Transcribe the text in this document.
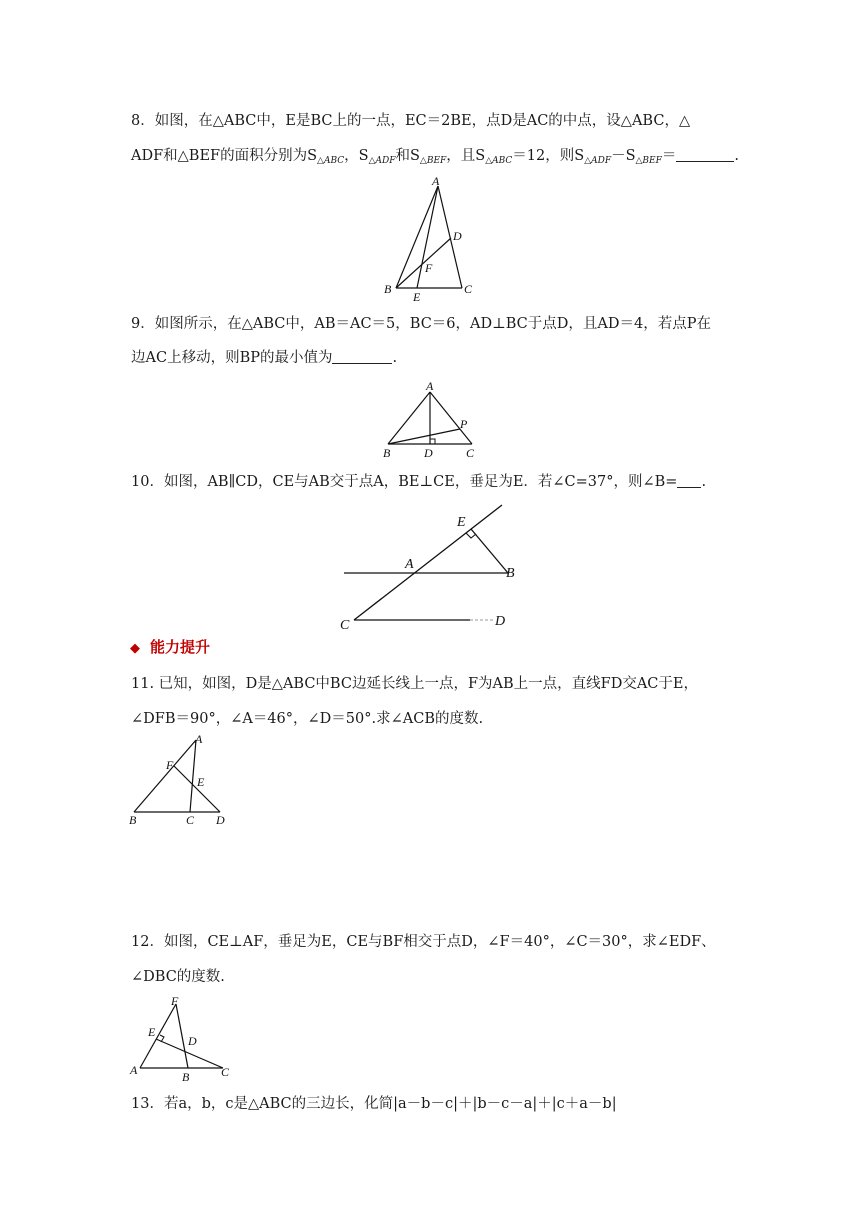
8．如图，在△ABC中，E是BC上的一点，EC＝2BE，点D是AC的中点，设△ABC，△
ADF和△BEF的面积分别为$S_{\triangle ABC}$，$S_{\triangle ADF}$和$S_{\triangle BEF}$，且$S_{\triangle ABC}=12$，则$S_{\triangle ADF}-S_{\triangle BEF}=$	.
A
B	C
D
E
F
9．如图所示，在△ABC中，AB＝AC＝5，BC＝6，AD⊥BC于点D，且AD＝4，若点P在
边AC上移动，则BP的最小值为	.
A
B	D	C
P
10．如图，AB∥CD，CE与AB交于点A，BE⊥CE，垂足为E．若∠C=37°，则∠B= .
E
A
B
C	D
◆ 能力提升
11. 已知，如图，D是△ABC中BC边延长线上一点，F为AB上一点，直线FD交AC于E，
∠DFB＝90°，∠A＝46°，∠D＝50°.求∠ACB的度数.
A
F
E
B	C D
12．如图，CE⊥AF，垂足为E，CE与BF相交于点D，∠F＝40°，∠C＝30°，求∠EDF、
∠DBC的度数.
F
E
D
A	B	C
13．若a，b，c是△ABC的三边长，化简|a－b－c|＋|b－c－a|＋|c＋a－b|
